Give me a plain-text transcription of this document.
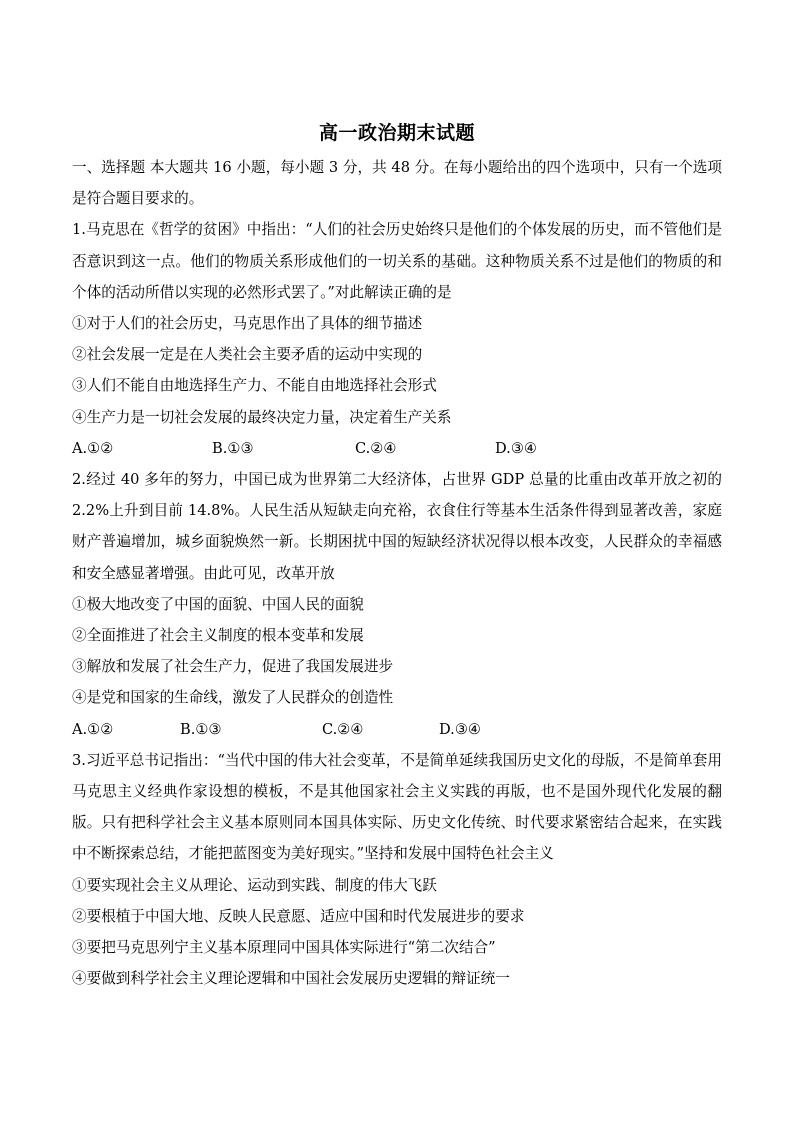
高一政治期末试题

一、选择题 本大题共 16 小题，每小题 3 分，共 48 分。在每小题给出的四个选项中，只有一个选项是符合题目要求的。

1.马克思在《哲学的贫困》中指出：“人们的社会历史始终只是他们的个体发展的历史，而不管他们是否意识到这一点。他们的物质关系形成他们的一切关系的基础。这种物质关系不过是他们的物质的和个体的活动所借以实现的必然形式罢了。”对此解读正确的是

①对于人们的社会历史，马克思作出了具体的细节描述

②社会发展一定是在人类社会主要矛盾的运动中实现的

③人们不能自由地选择生产力、不能自由地选择社会形式

④生产力是一切社会发展的最终决定力量，决定着生产关系

A.①②	B.①③	C.②④	D.③④

2.经过 40 多年的努力，中国已成为世界第二大经济体，占世界 GDP 总量的比重由改革开放之初的 2.2%上升到目前 14.8%。人民生活从短缺走向充裕，衣食住行等基本生活条件得到显著改善，家庭财产普遍增加，城乡面貌焕然一新。长期困扰中国的短缺经济状况得以根本改变，人民群众的幸福感和安全感显著增强。由此可见，改革开放

①极大地改变了中国的面貌、中国人民的面貌

②全面推进了社会主义制度的根本变革和发展

③解放和发展了社会生产力，促进了我国发展进步

④是党和国家的生命线，激发了人民群众的创造性

A.①②	B.①③	C.②④	D.③④

3.习近平总书记指出：“当代中国的伟大社会变革，不是简单延续我国历史文化的母版，不是简单套用马克思主义经典作家设想的模板，不是其他国家社会主义实践的再版，也不是国外现代化发展的翻版。只有把科学社会主义基本原则同本国具体实际、历史文化传统、时代要求紧密结合起来，在实践中不断探索总结，才能把蓝图变为美好现实。”坚持和发展中国特色社会主义

①要实现社会主义从理论、运动到实践、制度的伟大飞跃

②要根植于中国大地、反映人民意愿、适应中国和时代发展进步的要求

③要把马克思列宁主义基本原理同中国具体实际进行“第二次结合”

④要做到科学社会主义理论逻辑和中国社会发展历史逻辑的辩证统一
